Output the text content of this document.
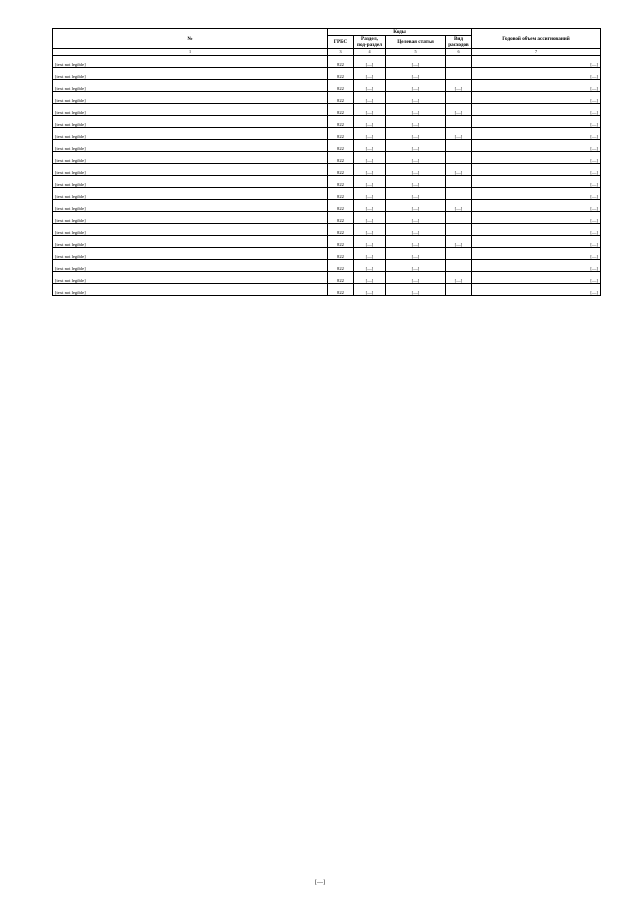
№	Коды				Годовой объем ассигнований
	ГРБС	Раздел, под-раздел	Целевая статья	Вид расходов	
1	3	4	5	6	7
[text not legible]	822	[—]	[—]		[—]
[text not legible]	822	[—]	[—]		[—]
[text not legible]	822	[—]	[—]	[—]	[—]
[text not legible]	822	[—]	[—]		[—]
[text not legible]	822	[—]	[—]	[—]	[—]
[text not legible]	822	[—]	[—]		[—]
[text not legible]	822	[—]	[—]	[—]	[—]
[text not legible]	822	[—]	[—]		[—]
[text not legible]	822	[—]	[—]		[—]
[text not legible]	822	[—]	[—]	[—]	[—]
[text not legible]	822	[—]	[—]		[—]
[text not legible]	822	[—]	[—]		[—]
[text not legible]	822	[—]	[—]	[—]	[—]
[text not legible]	822	[—]	[—]		[—]
[text not legible]	822	[—]	[—]		[—]
[text not legible]	822	[—]	[—]	[—]	[—]
[text not legible]	822	[—]	[—]		[—]
[text not legible]	822	[—]	[—]		[—]
[text not legible]	822	[—]	[—]	[—]	[—]
[text not legible]	822	[—]	[—]		[—]
[—]
